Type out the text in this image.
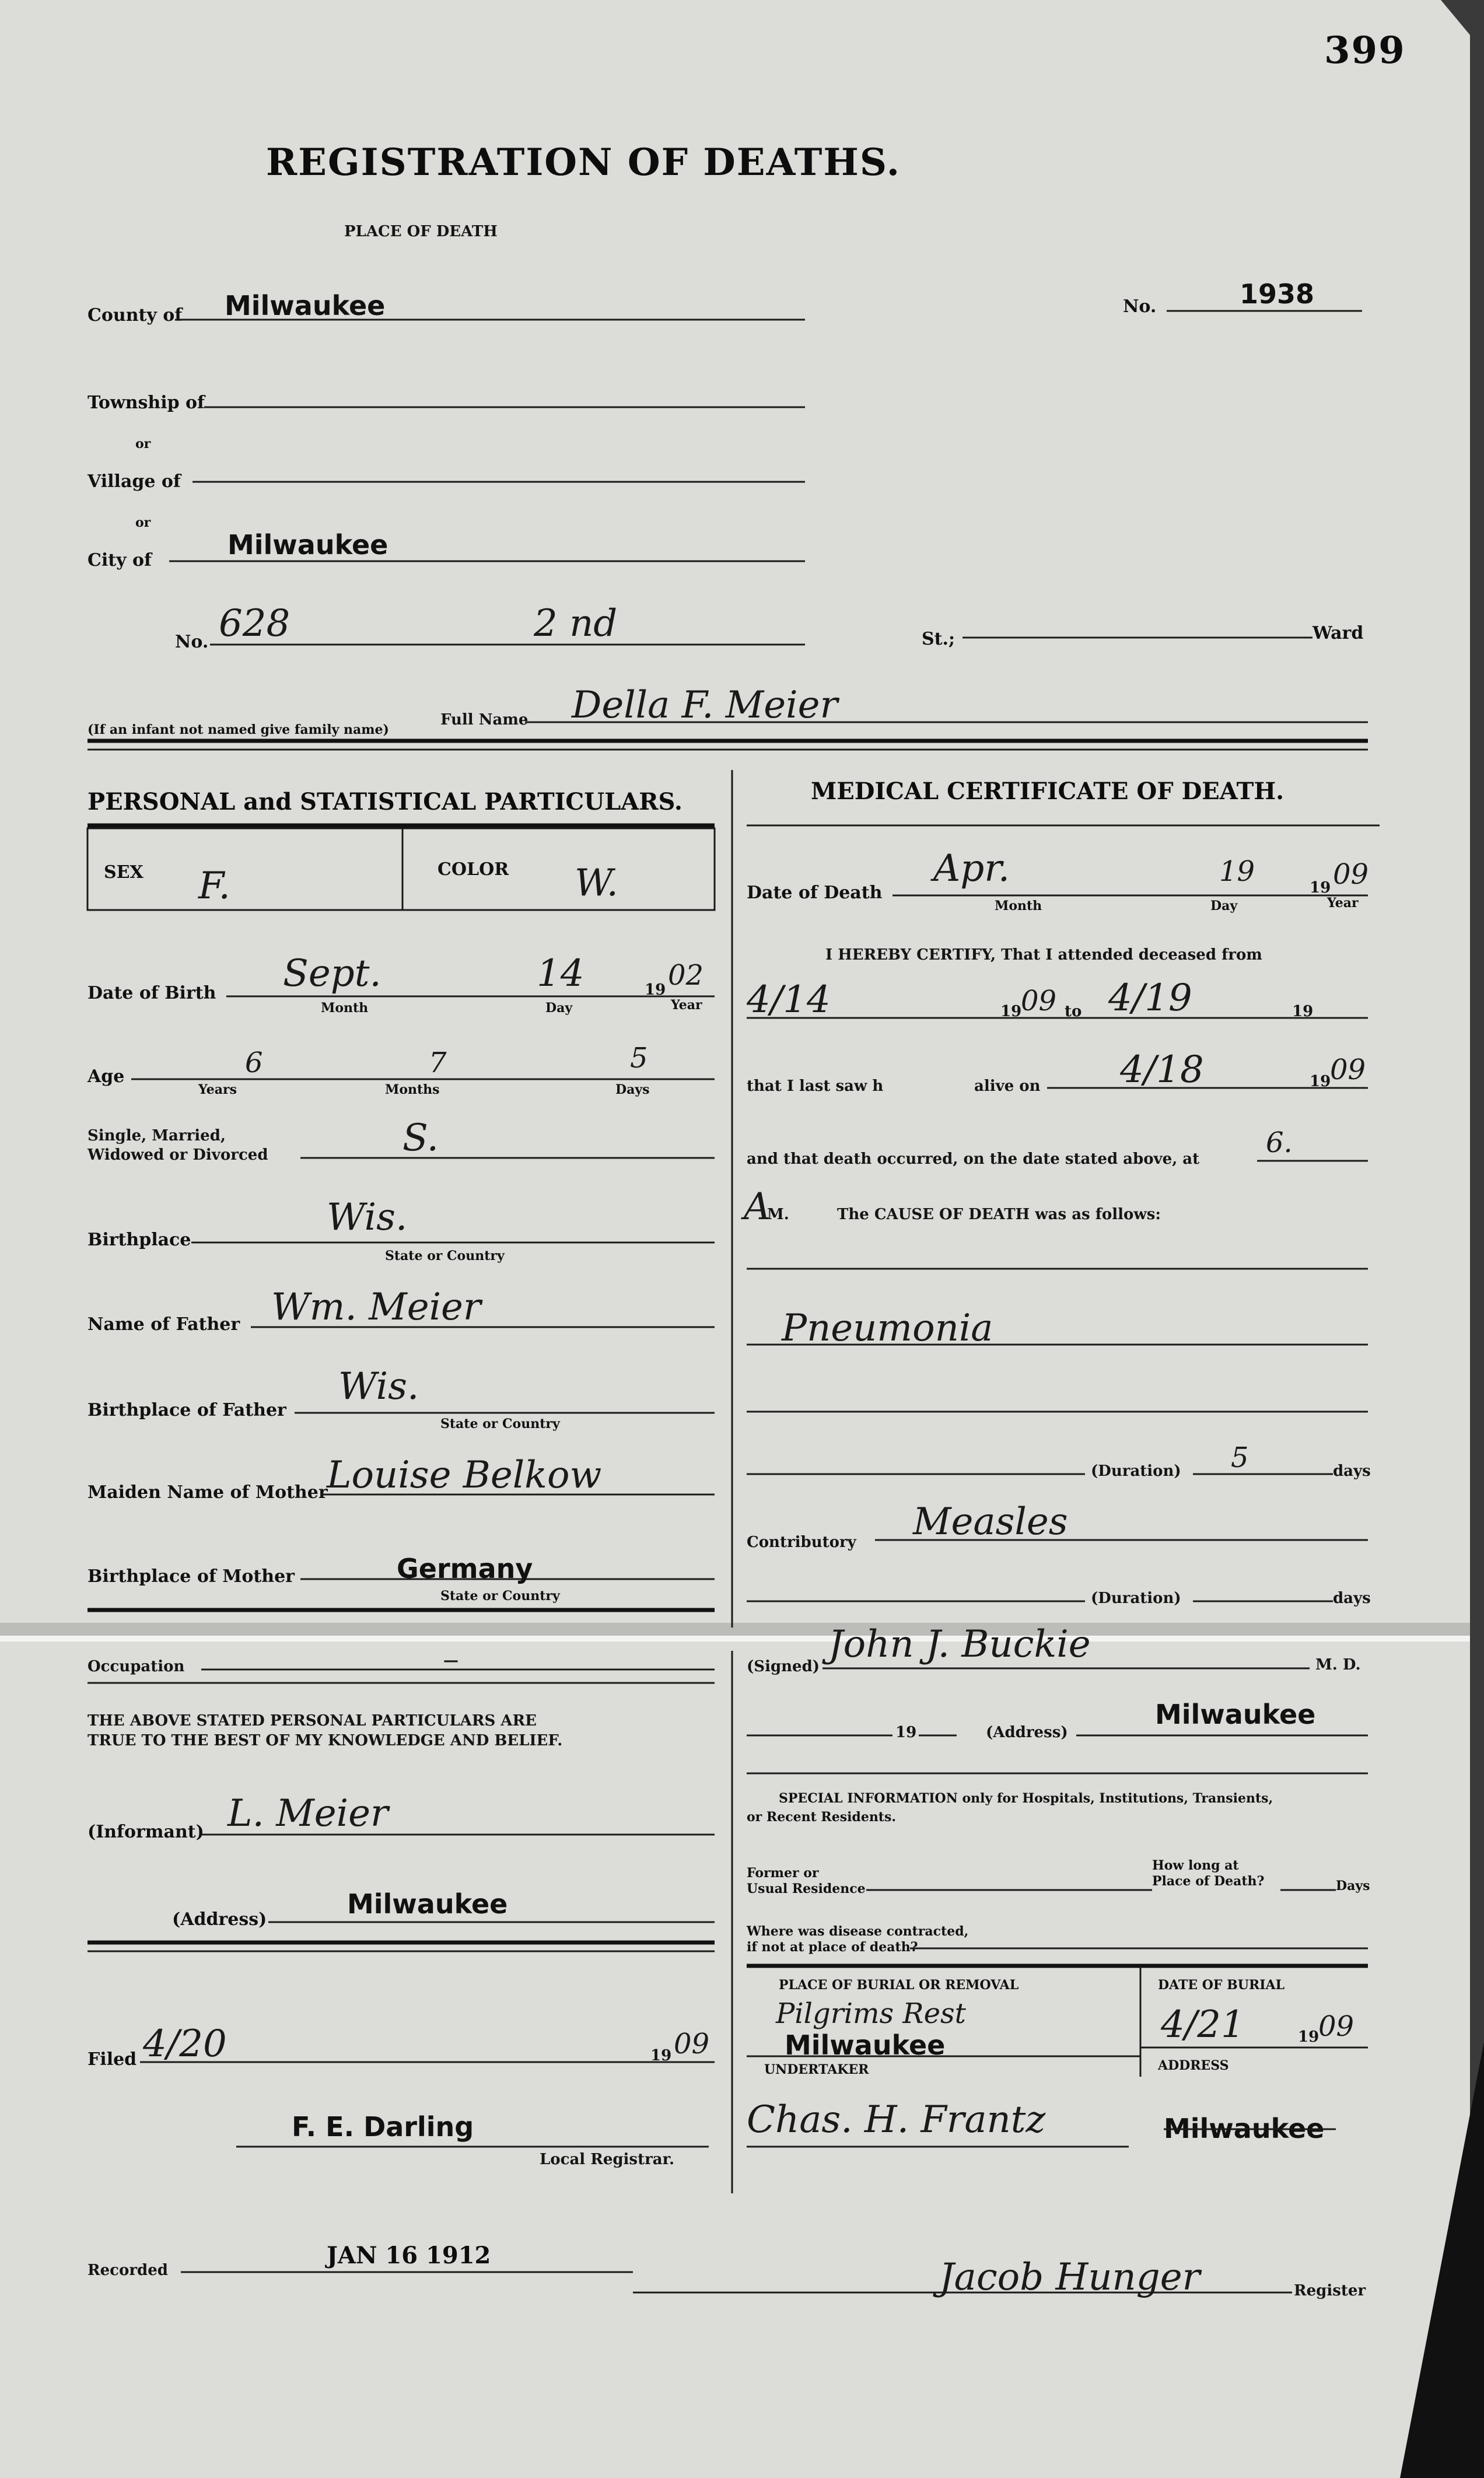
399
REGISTRATION OF DEATHS.
PLACE OF DEATH
County of Milwaukee	No.	1938
Township of
or
Village of
or
City of	Milwaukee
No. 628	2 nd	St.;	Ward
(If an infant not named give family name)
Full Name Della F. Meier
PERSONAL and STATISTICAL PARTICULARS.	MEDICAL CERTIFICATE OF DEATH.
SEX F.	COLOR W.
Date of Birth Sept.	14	19 02
Month	Day	Year
Age	6	7	5
Years	Months	Days
Single, Married,
Widowed or Divorced	S.
Birthplace
Wis.
State or Country
Name of Father Wm. Meier
Birthplace of Father
Wis.
State or Country
Maiden Name of Mother
Louise Belkow
Birthplace of Mother	Germany
State or Country
Occupation	—
THE ABOVE STATED PERSONAL PARTICULARS ARE
TRUE TO THE BEST OF MY KNOWLEDGE AND BELIEF.
(Informant) L. Meier
(Address)	Milwaukee
Filed 4/20	19 09
F. E. Darling
Local Registrar.
Date of Death
Apr.	19	19 09
Month	Day	Year
I HEREBY CERTIFY, That I attended deceased from
4/14	19
09 to 4/19	19
that I last saw h	alive on 4/18	19
09
and that death occurred, on the date stated above, at 6.
A
M.	The CAUSE OF DEATH was as follows:
Pneumonia
(Duration) 5	days
Contributory Measles
(Duration)	days
(Signed)
John J. Buckie	M. D.
19	(Address)
Milwaukee
SPECIAL INFORMATION only for Hospitals, Institutions, Transients,
or Recent Residents.
Former or
Usual Residence
How long at
Place of Death?	Days
Where was disease contracted,
if not at place of death?
PLACE OF BURIAL OR REMOVAL
Pilgrims Rest
Milwaukee
DATE OF BURIAL
4/21	19
09
UNDERTAKER	ADDRESS
Chas. H. Frantz	Milwaukee
Recorded
JAN 16 1912
Jacob Hunger	Register
